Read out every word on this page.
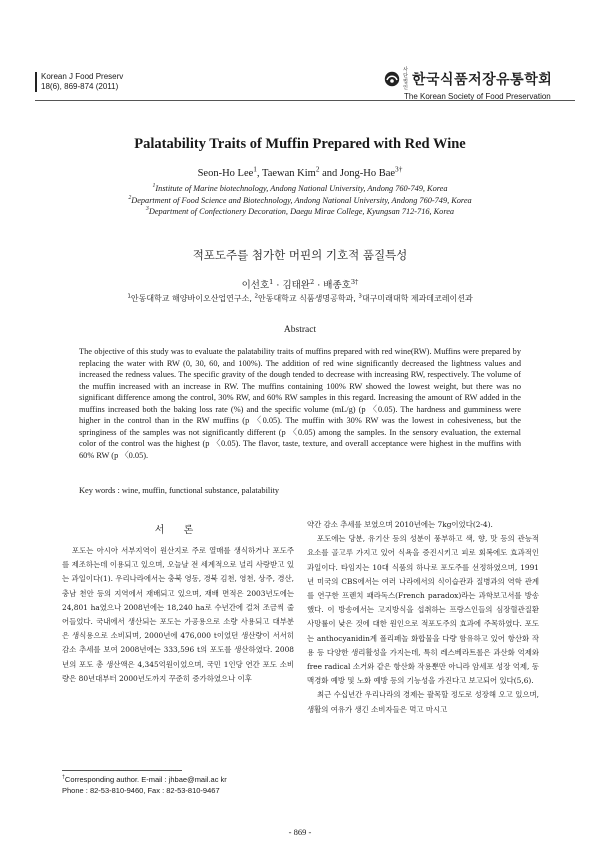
Korean J Food Preserv
18(6), 869-874 (2011)
사단 법인 한국식품저장유통학회
The Korean Society of Food Preservation
Palatability Traits of Muffin Prepared with Red Wine
Seon-Ho Lee$^1$, Taewan Kim$^2$ and Jong-Ho Bae$^{3\dagger}$
$^1$Institute of Marine biotechnology, Andong National University, Andong 760-749, Korea
$^2$Department of Food Science and Biotechnology, Andong National University, Andong 760-749, Korea
$^3$Department of Confectionery Decoration, Daegu Mirae College, Kyungsan 712-716, Korea
적포도주를 첨가한 머핀의 기호적 품질특성
이선호$^1$ · 김태완$^2$ · 배종호$^{3\dagger}$
$^1$안동대학교 해양바이오산업연구소, $^2$안동대학교 식품생명공학과, $^3$대구미래대학 제과데코레이션과
Abstract
The objective of this study was to evaluate the palatability traits of muffins prepared with red wine(RW). Muffins were prepared by replacing the water with RW (0, 30, 60, and 100%). The addition of red wine significantly decreased the lightness values and increased the redness values. The specific gravity of the dough tended to decrease with increasing RW, respectively. The volume of the muffin increased with an increase in RW. The muffins containing 100% RW showed the lowest weight, but there was no significant difference among the control, 30% RW, and 60% RW samples in this regard. Increasing the amount of RW added in the muffins increased both the baking loss rate (%) and the specific volume (mL/g) (p 〈0.05). The hardness and gumminess were higher in the control than in the RW muffins (p 〈0.05). The muffin with 30% RW was the lowest in cohesiveness, but the springiness of the samples was not significantly different (p 〈0.05) among the samples. In the sensory evaluation, the external color of the control was the highest (p 〈0.05). The flavor, taste, texture, and overall acceptance were highest in the muffins with 60% RW (p 〈0.05).
Key words : wine, muffin, functional substance, palatability
서 론

포도는 아시아 서부지역이 원산지로 주로 열매를 생식하거나 포도주를 제조하는데 이용되고 있으며, 오늘날 전 세계적으로 널리 사랑받고 있는 과일이다(1). 우리나라에서는 충북 영동, 경북 김천, 영천, 상주, 경산, 충남 천안 등의 지역에서 재배되고 있으며, 재배 면적은 2003년도에는 24,801 ha였으나 2008년에는 18,240 ha로 수년간에 걸쳐 조금씩 줄어들었다. 국내에서 생산되는 포도는 가공용으로 소량 사용되고 대부분은 생식용으로 소비되며, 2000년에 476,000 t이었던 생산량이 서서히 감소 추세를 보여 2008년에는 333,596 t의 포도를 생산하였다. 2008년의 포도 총 생산액은 4,345억원이었으며, 국민 1인당 연간 포도 소비량은 80년대부터 2000년도까지 꾸준히 증가하였으나 이후

약간 감소 추세를 보였으며 2010년에는 7kg이었다(2-4).

포도에는 당분, 유기산 등의 성분이 풍부하고 색, 향, 맛 등의 관능적 요소를 골고루 가지고 있어 식욕을 증진시키고 피로 회복에도 효과적인 과일이다. 타임지는 10대 식품의 하나로 포도주를 선정하였으며, 1991년 미국의 CBS에서는 여러 나라에서의 식이습관과 질병과의 역학 관계를 연구한 프렌치 패라독스(French paradox)라는 과학보고서를 방송했다. 이 방송에서는 고지방식을 섭취하는 프랑스인들의 심장혈관질환 사망률이 낮은 것에 대한 원인으로 적포도주의 효과에 주목하였다. 포도는 anthocyanidin계 폴리페놀 화합물을 다량 함유하고 있어 항산화 작용 등 다양한 생리활성을 가지는데, 특히 레스베라트롤은 과산화 억제와 free radical 소거와 같은 항산화 작용뿐만 아니라 암세포 성장 억제, 동맥경화 예방 및 노화 예방 등의 기능성을 가진다고 보고되어 있다(5,6).

최근 수십년간 우리나라의 경제는 괄목할 정도로 성장해 오고 있으며, 생활의 여유가 생긴 소비자들은 먹고 마시고

†Corresponding author. E-mail : jhbae@mail.ac kr
Phone : 82-53-810-9460, Fax : 82-53-810-9467
- 869 -
